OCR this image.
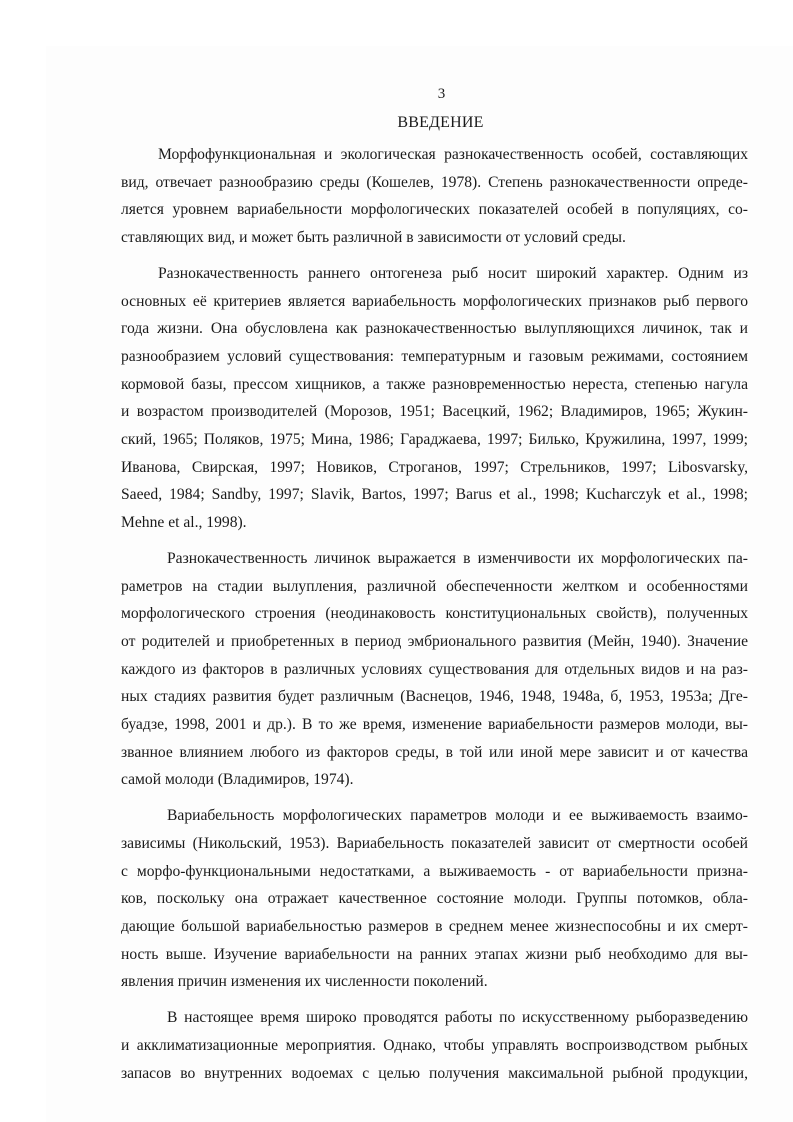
3
ВВЕДЕНИЕ

Морфофункциональная и экологическая разнокачественность особей, составляющих
вид, отвечает разнообразию среды (Кошелев, 1978). Степень разнокачественности опреде-
ляется уровнем вариабельности морфологических показателей особей в популяциях, со-
ставляющих вид, и может быть различной в зависимости от условий среды.

Разнокачественность раннего онтогенеза рыб носит широкий характер. Одним из
основных её критериев является вариабельность морфологических признаков рыб первого
года жизни. Она обусловлена как разнокачественностью вылупляющихся личинок, так и
разнообразием условий существования: температурным и газовым режимами, состоянием
кормовой базы, прессом хищников, а также разновременностью нереста, степенью нагула
и возрастом производителей (Морозов, 1951; Васецкий, 1962; Владимиров, 1965; Жукин-
ский, 1965; Поляков, 1975; Мина, 1986; Гараджаева, 1997; Билько, Кружилина, 1997, 1999;
Иванова, Свирская, 1997; Новиков, Строганов, 1997; Стрельников, 1997; Libosvarsky,
Saeed, 1984; Sandby, 1997; Slavik, Bartos, 1997; Barus et al., 1998; Kucharczyk et al., 1998;
Mehne et al., 1998).

Разнокачественность личинок выражается в изменчивости их морфологических па-
раметров на стадии вылупления, различной обеспеченности желтком и особенностями
морфологического строения (неодинаковость конституциональных свойств), полученных
от родителей и приобретенных в период эмбрионального развития (Мейн, 1940). Значение
каждого из факторов в различных условиях существования для отдельных видов и на раз-
ных стадиях развития будет различным (Васнецов, 1946, 1948, 1948а, б, 1953, 1953а; Дге-
буадзе, 1998, 2001 и др.). В то же время, изменение вариабельности размеров молоди, вы-
званное влиянием любого из факторов среды, в той или иной мере зависит и от качества
самой молоди (Владимиров, 1974).

Вариабельность морфологических параметров молоди и ее выживаемость взаимо-
зависимы (Никольский, 1953). Вариабельность показателей зависит от смертности особей
с морфо-функциональными недостатками, а выживаемость - от вариабельности призна-
ков, поскольку она отражает качественное состояние молоди. Группы потомков, обла-
дающие большой вариабельностью размеров в среднем менее жизнеспособны и их смерт-
ность выше. Изучение вариабельности на ранних этапах жизни рыб необходимо для вы-
явления причин изменения их численности поколений.

В настоящее время широко проводятся работы по искусственному рыборазведению
и акклиматизационные мероприятия. Однако, чтобы управлять воспроизводством рыбных
запасов во внутренних водоемах с целью получения максимальной рыбной продукции,
